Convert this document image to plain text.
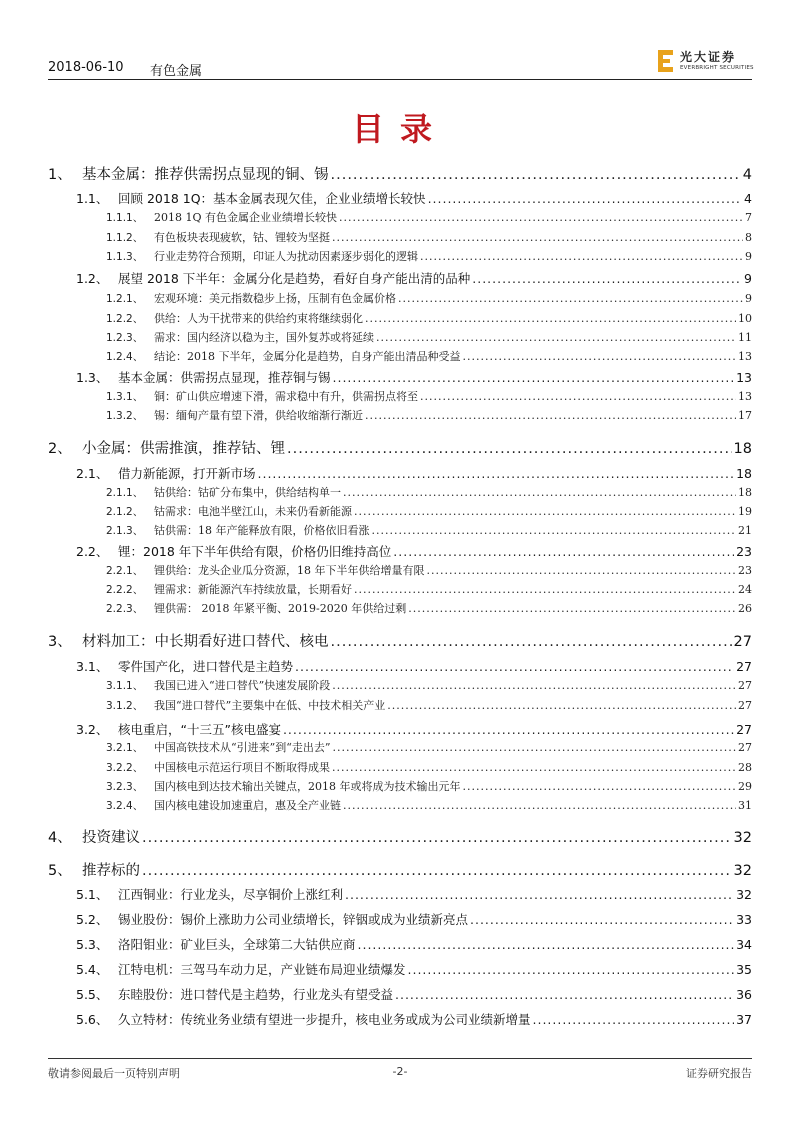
2018-06-10 有色金属
光大证券
EVERBRIGHT SECURITIES
目录
1、 基本金属：推荐供需拐点显现的铜、锡 .....	4
1.1、 回顾 2018 1Q：基本金属表现欠佳，企业业绩增长较快 .....	4
1.1.1、 2018 1Q 有色金属企业业绩增长较快 .....	7
1.1.2、 有色板块表现疲软，钴、锂较为坚挺 .....	8
1.1.3、 行业走势符合预期，印证人为扰动因素逐步弱化的逻辑 .....	9
1.2、 展望 2018 下半年：金属分化是趋势，看好自身产能出清的品种 .....	9
1.2.1、 宏观环境：美元指数稳步上扬，压制有色金属价格 .....	9
1.2.2、 供给：人为干扰带来的供给约束将继续弱化 .....	10
1.2.3、 需求：国内经济以稳为主，国外复苏或将延续 .....	11
1.2.4、 结论：2018 下半年，金属分化是趋势，自身产能出清品种受益 .....	13
1.3、 基本金属：供需拐点显现，推荐铜与锡 .....	13
1.3.1、 铜：矿山供应增速下滑，需求稳中有升，供需拐点将至 .....	13
1.3.2、 锡：缅甸产量有望下滑，供给收缩渐行渐近 .....	17
2、 小金属：供需推演，推荐钴、锂 .....	18
2.1、 借力新能源，打开新市场 .....	18
2.1.1、 钴供给：钴矿分布集中，供给结构单一 .....	18
2.1.2、 钴需求：电池半壁江山，未来仍看新能源 .....	19
2.1.3、 钴供需：18 年产能释放有限，价格依旧看涨 .....	21
2.2、 锂：2018 年下半年供给有限，价格仍旧维持高位 .....	23
2.2.1、 锂供给：龙头企业瓜分资源，18 年下半年供给增量有限 .....	23
2.2.2、 锂需求：新能源汽车持续放量，长期看好 .....	24
2.2.3、 锂供需： 2018 年紧平衡、2019-2020 年供给过剩 .....	26
3、 材料加工：中长期看好进口替代、核电 .....	27
3.1、 零件国产化，进口替代是主趋势 .....	27
3.1.1、 我国已进入“进口替代”快速发展阶段 .....	27
3.1.2、 我国“进口替代”主要集中在低、中技术相关产业 .....	27
3.2、 核电重启，“十三五”核电盛宴 .....	27
3.2.1、 中国高铁技术从“引进来”到“走出去” .....	27
3.2.2、 中国核电示范运行项目不断取得成果 .....	28
3.2.3、 国内核电到达技术输出关键点，2018 年或将成为技术输出元年 .....	29
3.2.4、 国内核电建设加速重启，惠及全产业链 .....	31
4、 投资建议 .....	32
5、 推荐标的 .....	32
5.1、 江西铜业：行业龙头，尽享铜价上涨红利 .....	32
5.2、 锡业股份：锡价上涨助力公司业绩增长，锌铟或成为业绩新亮点 .....	33
5.3、 洛阳钼业：矿业巨头，全球第二大钴供应商 .....	34
5.4、 江特电机：三驾马车动力足，产业链布局迎业绩爆发 .....	35
5.5、 东睦股份：进口替代是主趋势，行业龙头有望受益 .....	36
5.6、 久立特材：传统业务业绩有望进一步提升，核电业务或成为公司业绩新增量 .....	37
敬请参阅最后一页特别声明	-2-	证券研究报告
